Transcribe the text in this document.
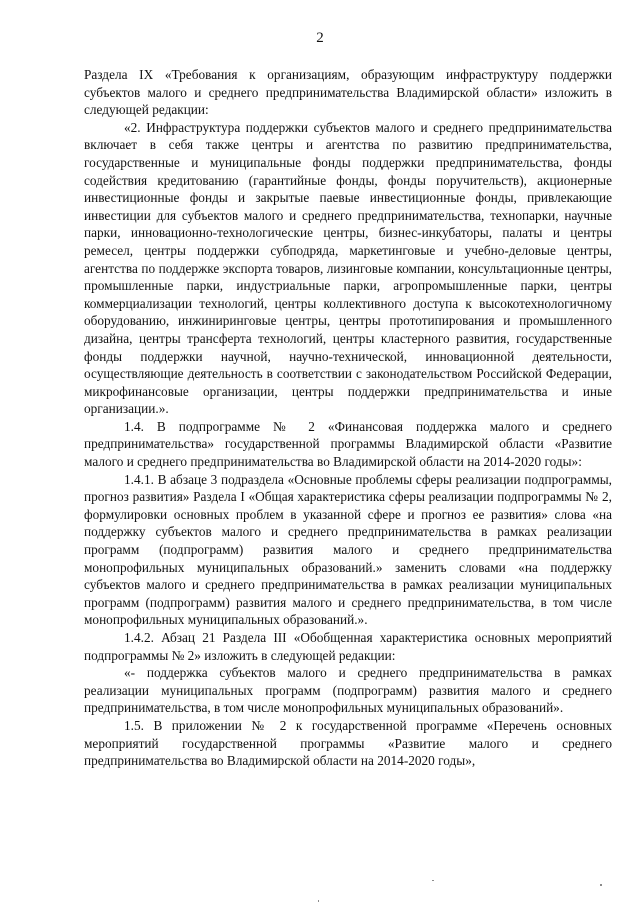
2

Раздела IX «Требования к организациям, образующим инфраструктуру поддержки субъектов малого и среднего предпринимательства Владимирской области» изложить в следующей редакции:

«2. Инфраструктура поддержки субъектов малого и среднего предпринимательства включает в себя также центры и агентства по развитию предпринимательства, государственные и муниципальные фонды поддержки предпринимательства, фонды содействия кредитованию (гарантийные фонды, фонды поручительств), акционерные инвестиционные фонды и закрытые паевые инвестиционные фонды, привлекающие инвестиции для субъектов малого и среднего предпринимательства, технопарки, научные парки, инновационно-технологические центры, бизнес-инкубаторы, палаты и центры ремесел, центры поддержки субподряда, маркетинговые и учебно-деловые центры, агентства по поддержке экспорта товаров, лизинговые компании, консультационные центры, промышленные парки, индустриальные парки, агропромышленные парки, центры коммерциализации технологий, центры коллективного доступа к высокотехнологичному оборудованию, инжиниринговые центры, центры прототипирования и промышленного дизайна, центры трансферта технологий, центры кластерного развития, государственные фонды поддержки научной, научно-технической, инновационной деятельности, осуществляющие деятельность в соответствии с законодательством Российской Федерации, микрофинансовые организации, центры поддержки предпринимательства и иные организации.».

1.4. В подпрограмме № 2 «Финансовая поддержка малого и среднего предпринимательства» государственной программы Владимирской области «Развитие малого и среднего предпринимательства во Владимирской области на 2014-2020 годы»:

1.4.1. В абзаце 3 подраздела «Основные проблемы сферы реализации подпрограммы, прогноз развития» Раздела I «Общая характеристика сферы реализации подпрограммы № 2, формулировки основных проблем в указанной сфере и прогноз ее развития» слова «на поддержку субъектов малого и среднего предпринимательства в рамках реализации программ (подпрограмм) развития малого и среднего предпринимательства монопрофильных муниципальных образований.» заменить словами «на поддержку субъектов малого и среднего предпринимательства в рамках реализации муниципальных программ (подпрограмм) развития малого и среднего предпринимательства, в том числе монопрофильных муниципальных образований.».

1.4.2. Абзац 21 Раздела III «Обобщенная характеристика основных мероприятий подпрограммы № 2» изложить в следующей редакции:

«- поддержка субъектов малого и среднего предпринимательства в рамках реализации муниципальных программ (подпрограмм) развития малого и среднего предпринимательства, в том числе монопрофильных муниципальных образований».

1.5. В приложении № 2 к государственной программе «Перечень основных мероприятий государственной программы «Развитие малого и среднего предпринимательства во Владимирской области на 2014-2020 годы»,
